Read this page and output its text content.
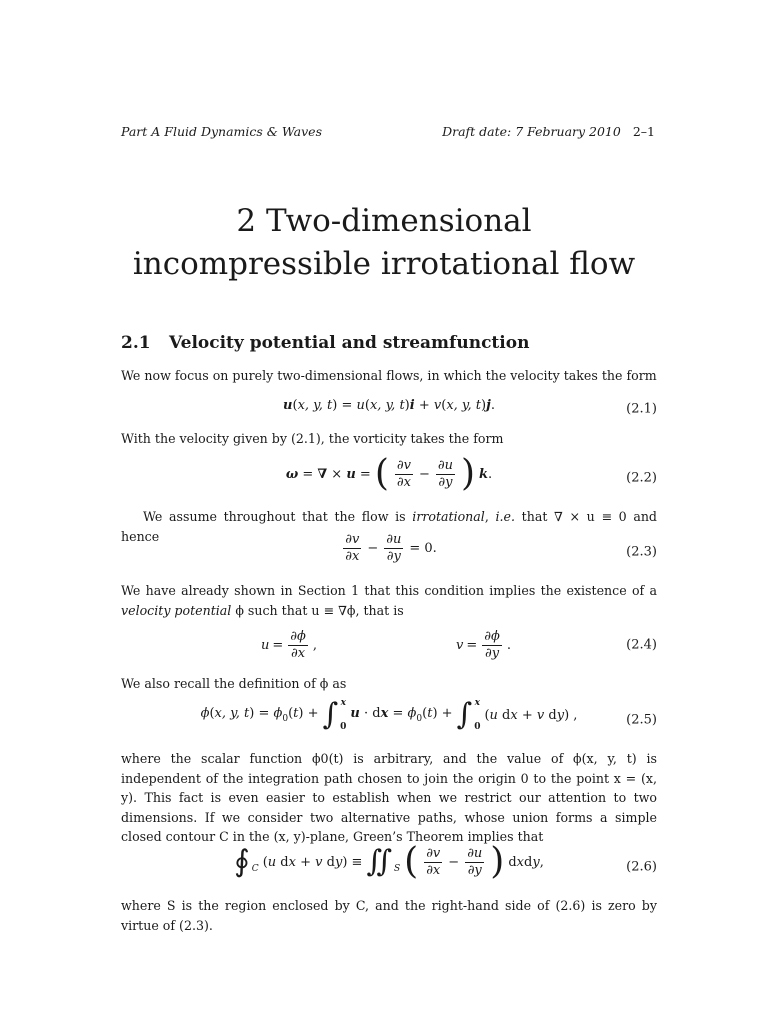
Part A Fluid Dynamics & Waves	Draft date: 7 February 2010 2–1
2 Two-dimensional
incompressible irrotational flow
2.1 Velocity potential and streamfunction
We now focus on purely two-dimensional flows, in which the velocity takes the form
u(x, y, t) = u(x, y, t)i + v(x, y, t)j.	(2.1)
With the velocity given by (2.1), the vorticity takes the form
ω = ∇ × u = ( $\frac{\partial v}{\partial x} - \frac{\partial u}{\partial y}$ ) k.	(2.2)
We assume throughout that the flow is irrotational, i.e. that ∇ × u ≡ 0 and hence	$\frac{\partial v}{\partial x} - \frac{\partial u}{\partial y} = 0$.	(2.3)
We have already shown in Section 1 that this condition implies the existence of a velocity potential ϕ such that u ≡ ∇ϕ, that is
$u = \frac{\partial\phi}{\partial x}$ ,	$v = \frac{\partial\phi}{\partial y}$ .	(2.4)
We also recall the definition of ϕ as
ϕ(x, y, $t) = \phi_0(t)$ + ∫ x
0
u · dx = $\phi_0(t)$ + ∫ x
0
(u dx + v dy) ,	(2.5)
where the scalar function ϕ0(t) is arbitrary, and the value of ϕ(x, y, t) is independent of the integration path chosen to join the origin 0 to the point x = (x, y). This fact is even easier to establish when we restrict our attention to two dimensions. If we consider two alternative paths, whose union forms a simple closed contour C in the (x, y)-plane, Green’s Theorem implies that
∮ C (u dx + v dy) ≡ ∬ S ( $\frac{\partial v}{\partial x} - \frac{\partial u}{\partial y}$ ) dxdy,	(2.6)
where S is the region enclosed by C, and the right-hand side of (2.6) is zero by virtue of (2.3).
